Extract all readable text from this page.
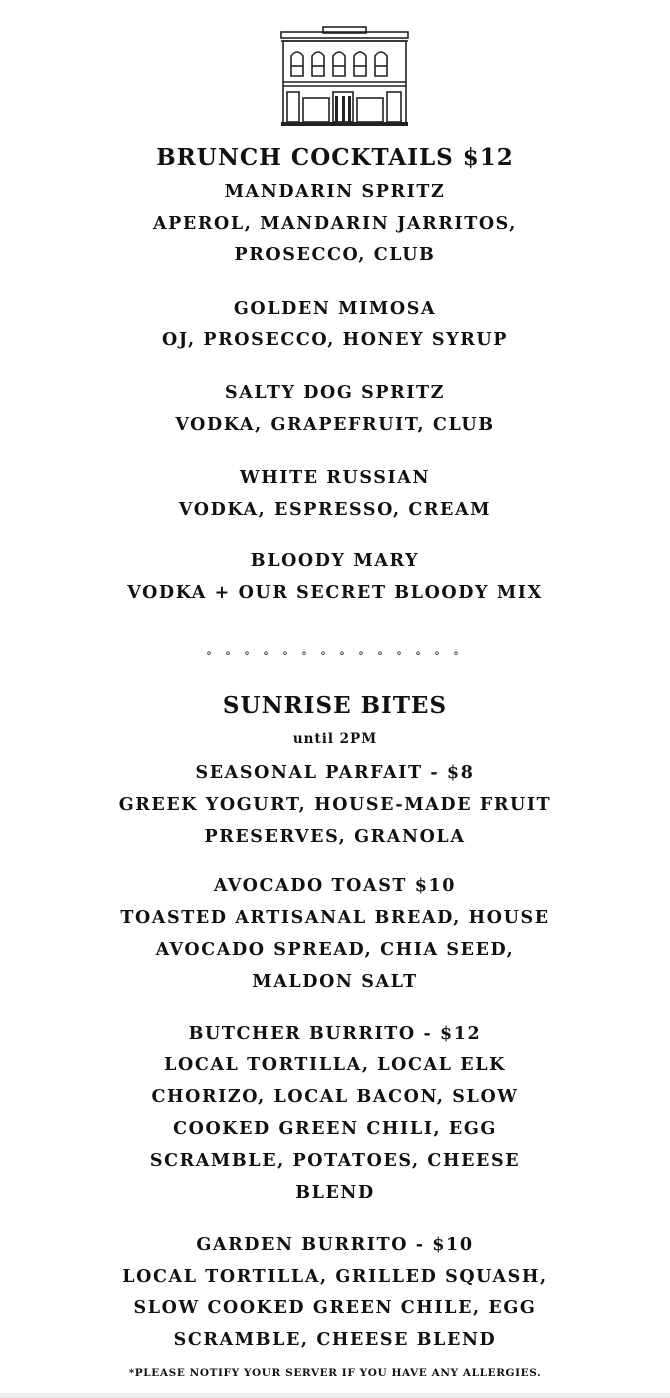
BRUNCH COCKTAILS $12
MANDARIN SPRITZ
APEROL, MANDARIN JARRITOS,
PROSECCO, CLUB
GOLDEN MIMOSA
OJ, PROSECCO, HONEY SYRUP
SALTY DOG SPRITZ
VODKA, GRAPEFRUIT, CLUB
WHITE RUSSIAN
VODKA, ESPRESSO, CREAM
BLOODY MARY
VODKA + OUR SECRET BLOODY MIX
° ° ° ° ° ° ° ° ° ° ° ° ° °
SUNRISE BITES
until 2PM
SEASONAL PARFAIT - $8
GREEK YOGURT, HOUSE-MADE FRUIT
PRESERVES, GRANOLA
AVOCADO TOAST $10
TOASTED ARTISANAL BREAD, HOUSE
AVOCADO SPREAD, CHIA SEED,
MALDON SALT
BUTCHER BURRITO - $12
LOCAL TORTILLA, LOCAL ELK
CHORIZO, LOCAL BACON, SLOW
COOKED GREEN CHILI, EGG
SCRAMBLE, POTATOES, CHEESE
BLEND
GARDEN BURRITO - $10
LOCAL TORTILLA, GRILLED SQUASH,
SLOW COOKED GREEN CHILE, EGG
SCRAMBLE, CHEESE BLEND
*PLEASE NOTIFY YOUR SERVER IF YOU HAVE ANY ALLERGIES.
